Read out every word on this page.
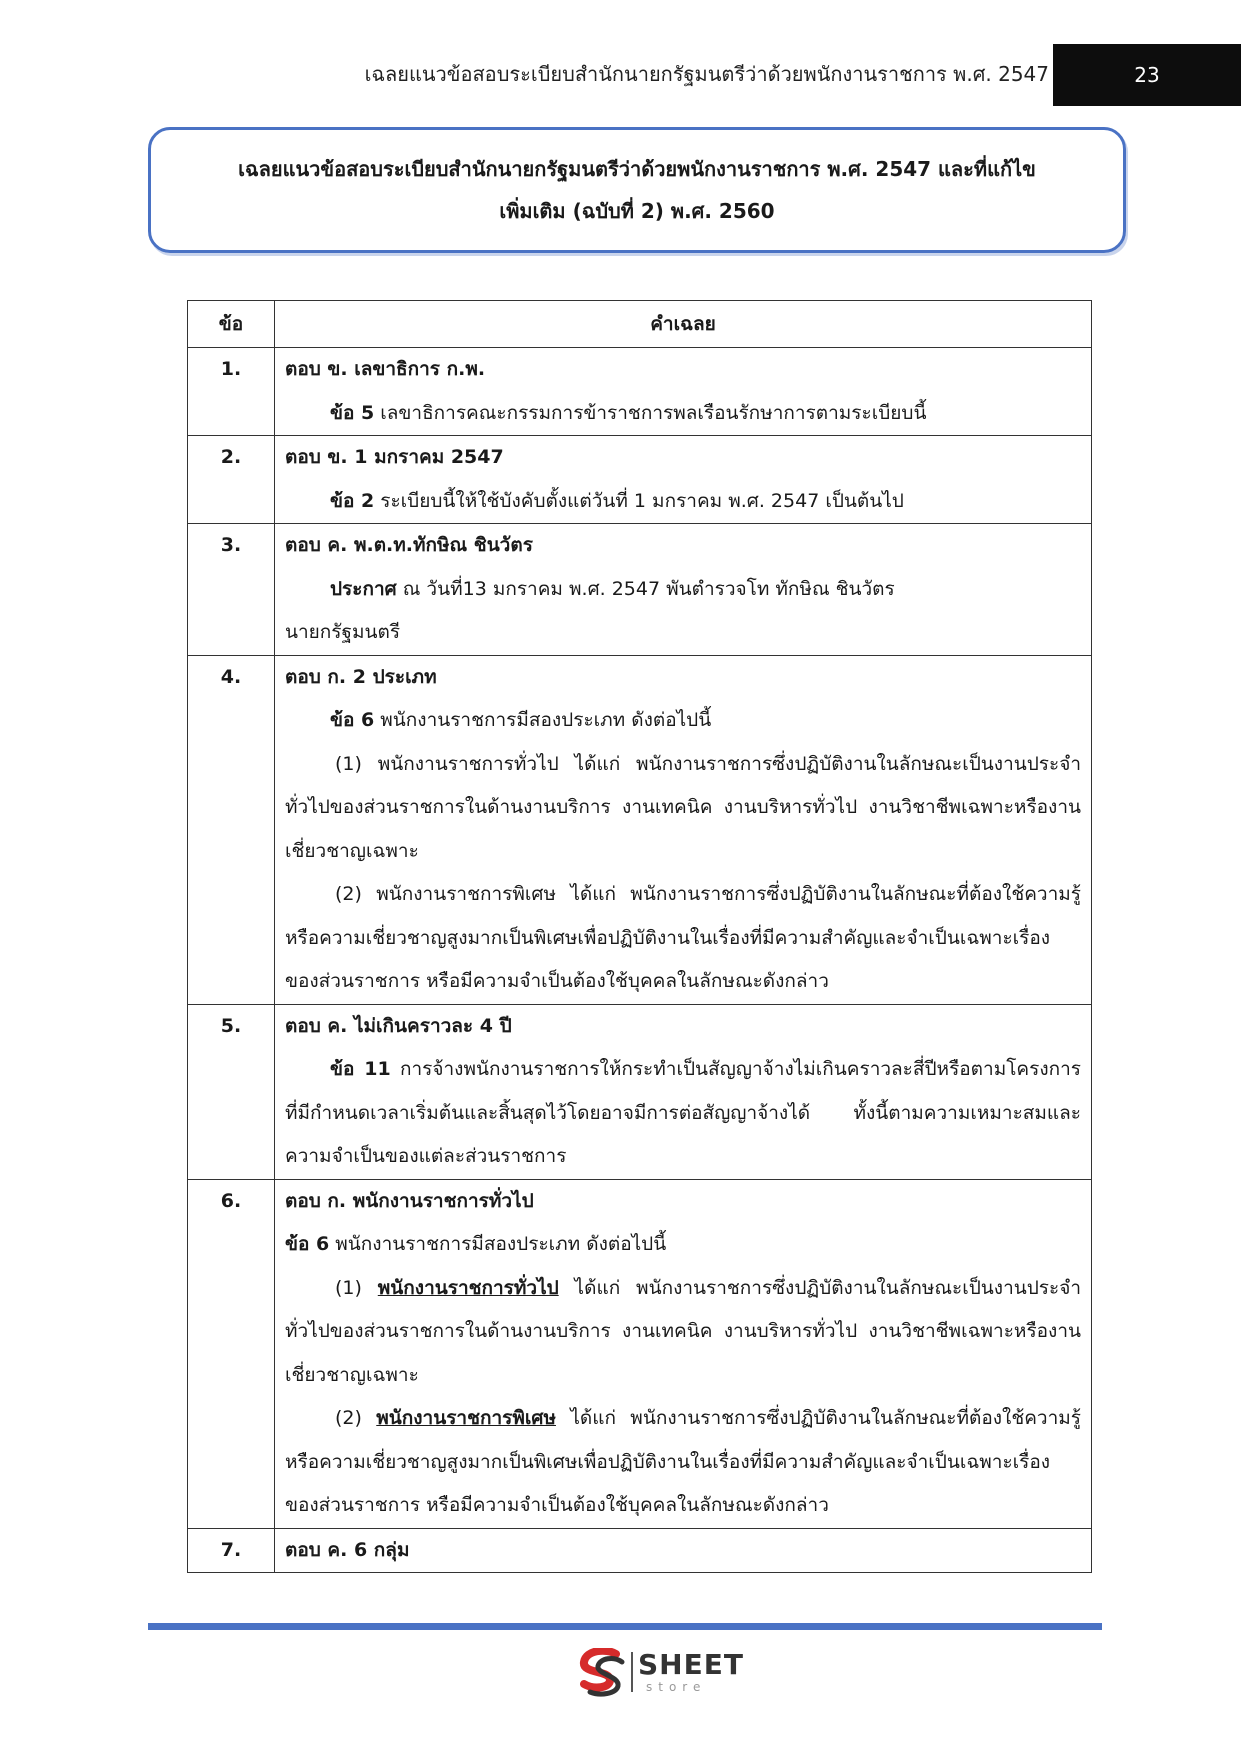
เฉลยแนวข้อสอบระเบียบสำนักนายกรัฐมนตรีว่าด้วยพนักงานราชการ พ.ศ. 2547	23
เฉลยแนวข้อสอบระเบียบสำนักนายกรัฐมนตรีว่าด้วยพนักงานราชการ พ.ศ. 2547 และที่แก้ไข
เพิ่มเติม (ฉบับที่ 2) พ.ศ. 2560
ข้อ	คำเฉลย
1.	ตอบ ข. เลขาธิการ ก.พ.
ข้อ 5 เลขาธิการคณะกรรมการข้าราชการพลเรือนรักษาการตามระเบียบนี้

2.	ตอบ ข. 1 มกราคม 2547
ข้อ 2 ระเบียบนี้ให้ใช้บังคับตั้งแต่วันที่ 1 มกราคม พ.ศ. 2547 เป็นต้นไป

3.	ตอบ ค. พ.ต.ท.ทักษิณ ชินวัตร
ประกาศ ณ วันที่13 มกราคม พ.ศ. 2547 พันตำรวจโท ทักษิณ ชินวัตร
นายกรัฐมนตรี

4.	ตอบ ก. 2 ประเภท
ข้อ 6 พนักงานราชการมีสองประเภท ดังต่อไปนี้
(1) พนักงานราชการทั่วไป ได้แก่ พนักงานราชการซึ่งปฏิบัติงานในลักษณะเป็นงานประจำทั่วไปของส่วนราชการในด้านงานบริการ งานเทคนิค งานบริหารทั่วไป งานวิชาชีพเฉพาะหรืองานเชี่ยวชาญเฉพาะ
(2) พนักงานราชการพิเศษ ได้แก่ พนักงานราชการซึ่งปฏิบัติงานในลักษณะที่ต้องใช้ความรู้หรือความเชี่ยวชาญสูงมากเป็นพิเศษเพื่อปฏิบัติงานในเรื่องที่มีความสำคัญและจำเป็นเฉพาะเรื่องของส่วนราชการ หรือมีความจำเป็นต้องใช้บุคคลในลักษณะดังกล่าว

5.	ตอบ ค. ไม่เกินคราวละ 4 ปี
ข้อ 11 การจ้างพนักงานราชการให้กระทำเป็นสัญญาจ้างไม่เกินคราวละสี่ปีหรือตามโครงการที่มีกำหนดเวลาเริ่มต้นและสิ้นสุดไว้โดยอาจมีการต่อสัญญาจ้างได้ ทั้งนี้ตามความเหมาะสมและความจำเป็นของแต่ละส่วนราชการ

6.	ตอบ ก. พนักงานราชการทั่วไป
ข้อ 6 พนักงานราชการมีสองประเภท ดังต่อไปนี้
(1) พนักงานราชการทั่วไป ได้แก่ พนักงานราชการซึ่งปฏิบัติงานในลักษณะเป็นงานประจำทั่วไปของส่วนราชการในด้านงานบริการ งานเทคนิค งานบริหารทั่วไป งานวิชาชีพเฉพาะหรืองานเชี่ยวชาญเฉพาะ
(2) พนักงานราชการพิเศษ ได้แก่ พนักงานราชการซึ่งปฏิบัติงานในลักษณะที่ต้องใช้ความรู้หรือความเชี่ยวชาญสูงมากเป็นพิเศษเพื่อปฏิบัติงานในเรื่องที่มีความสำคัญและจำเป็นเฉพาะเรื่องของส่วนราชการ หรือมีความจำเป็นต้องใช้บุคคลในลักษณะดังกล่าว

7.	ตอบ ค. 6 กลุ่ม
SHEET
store
